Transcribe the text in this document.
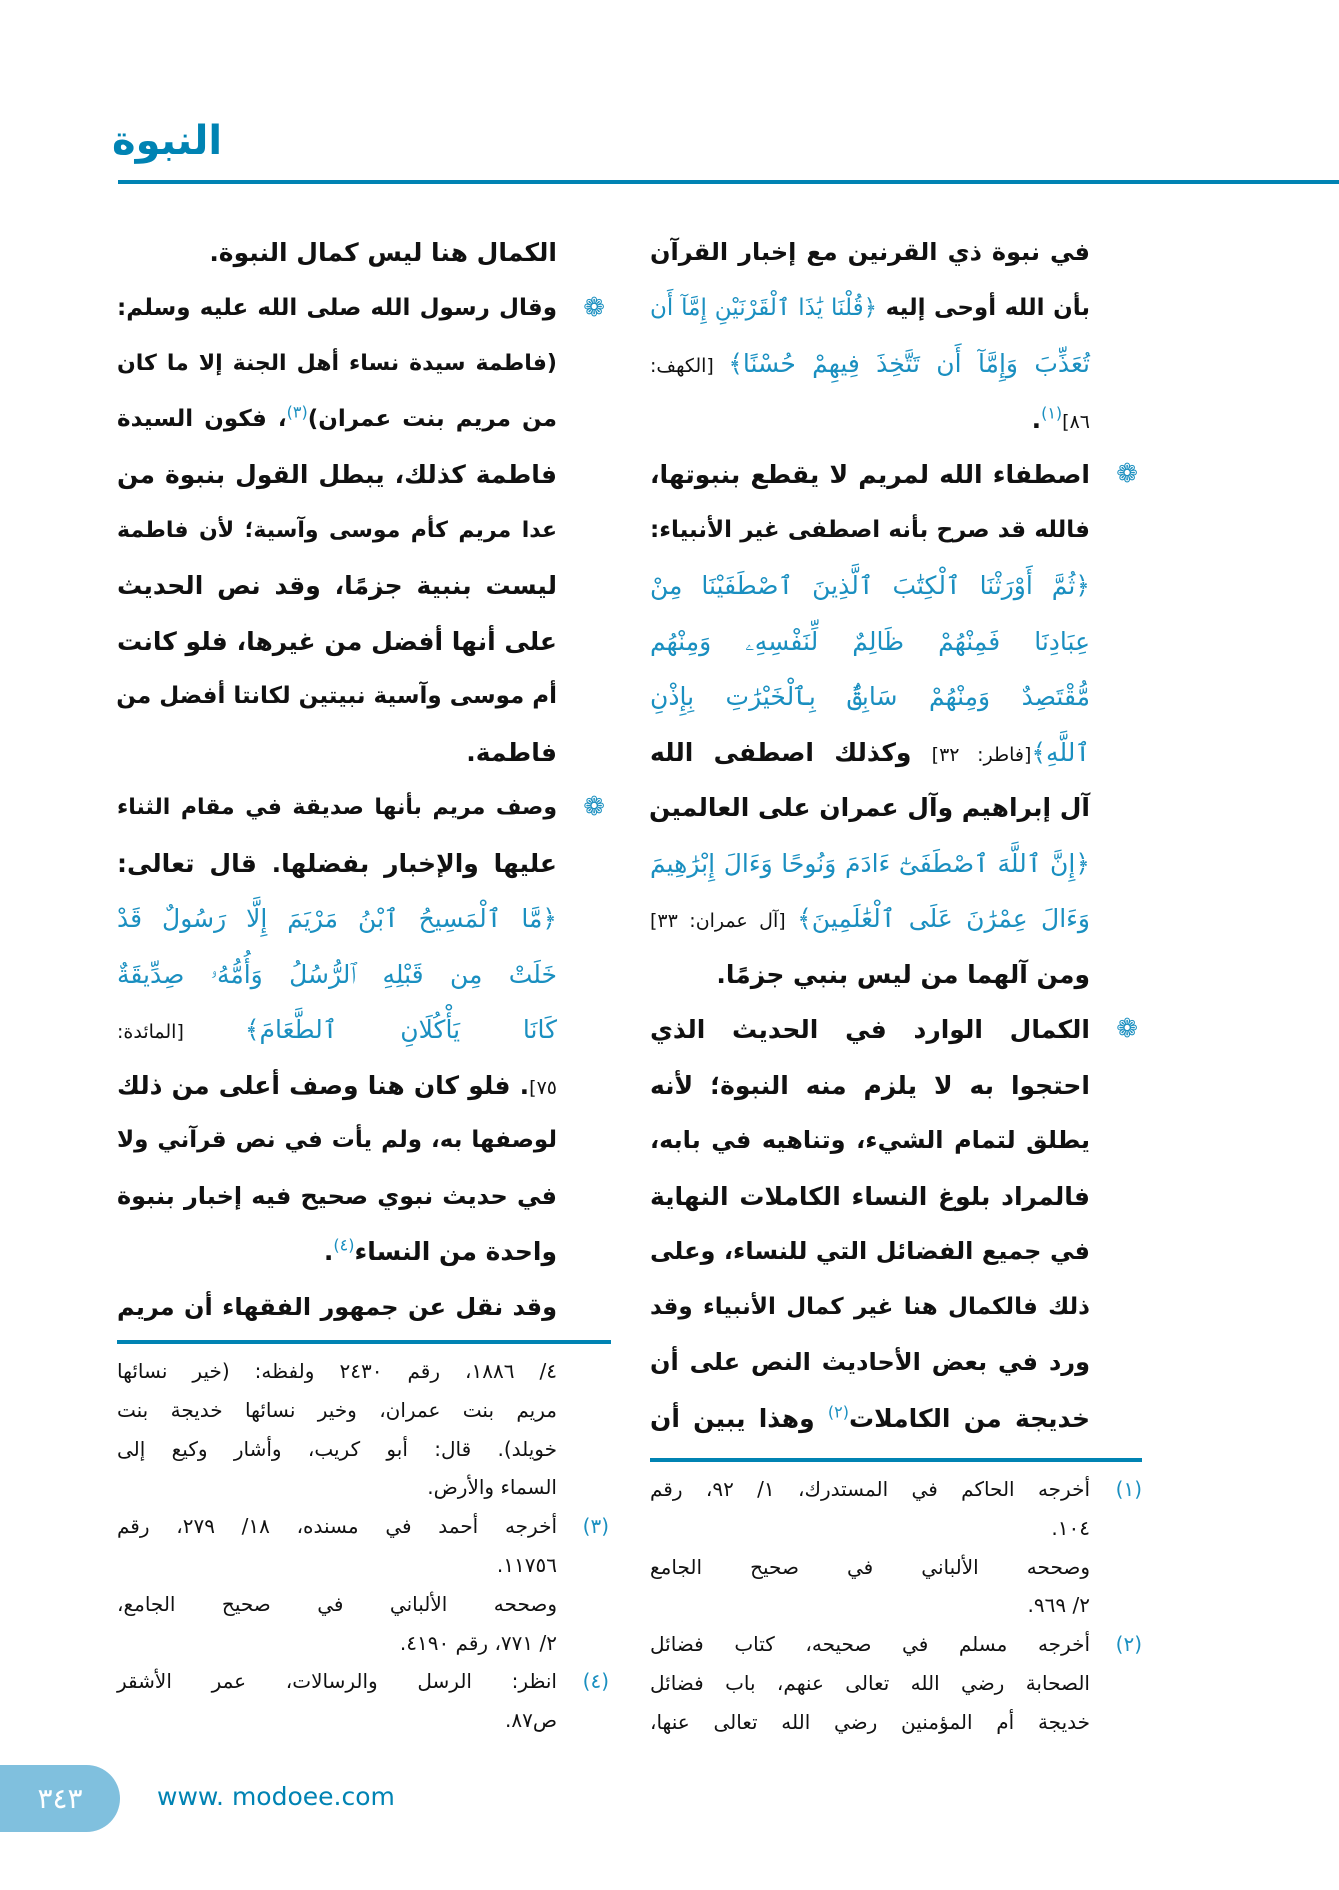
النبوة
في نبوة ذي القرنين مع إخبار القرآن
بأن الله أوحى إليه ﴿قُلْنَا يَٰذَا ٱلْقَرْنَيْنِ إِمَّآ أَن
تُعَذِّبَ وَإِمَّآ أَن تَتَّخِذَ فِيهِمْ حُسْنًا﴾ [الكهف:
٨٦]$^{(١)}$.
❁
اصطفاء الله لمريم لا يقطع بنبوتها،
فالله قد صرح بأنه اصطفى غير الأنبياء:
﴿ثُمَّ أَوْرَثْنَا ٱلْكِتَٰبَ ٱلَّذِينَ ٱصْطَفَيْنَا مِنْ
عِبَادِنَا فَمِنْهُمْ ظَالِمٌ لِّنَفْسِهِۦ وَمِنْهُم
مُّقْتَصِدٌ وَمِنْهُمْ سَابِقٌۢ بِٱلْخَيْرَٰتِ بِإِذْنِ
ٱللَّهِ﴾[فاطر: ٣٢] وكذلك اصطفى الله
آل إبراهيم وآل عمران على العالمين
﴿إِنَّ ٱللَّهَ ٱصْطَفَىٰٓ ءَادَمَ وَنُوحًا وَءَالَ إِبْرَٰهِيمَ
وَءَالَ عِمْرَٰنَ عَلَى ٱلْعَٰلَمِينَ﴾ [آل عمران: ٣٣]
ومن آلهما من ليس بنبي جزمًا.
❁
الكمال الوارد في الحديث الذي
احتجوا به لا يلزم منه النبوة؛ لأنه
يطلق لتمام الشيء، وتناهيه في بابه،
فالمراد بلوغ النساء الكاملات النهاية
في جميع الفضائل التي للنساء، وعلى
ذلك فالكمال هنا غير كمال الأنبياء وقد
ورد في بعض الأحاديث النص على أن
خديجة من الكاملات$^{(٢)}$ وهذا يبين أن
الكمال هنا ليس كمال النبوة.
❁
وقال رسول الله صلى الله عليه وسلم:
(فاطمة سيدة نساء أهل الجنة إلا ما كان
من مريم بنت عمران)$^{(٣)}$، فكون السيدة
فاطمة كذلك، يبطل القول بنبوة من
عدا مريم كأم موسى وآسية؛ لأن فاطمة
ليست بنبية جزمًا، وقد نص الحديث
على أنها أفضل من غيرها، فلو كانت
أم موسى وآسية نبيتين لكانتا أفضل من
فاطمة.
❁
وصف مريم بأنها صديقة في مقام الثناء
عليها والإخبار بفضلها. قال تعالى:
﴿مَّا ٱلْمَسِيحُ ٱبْنُ مَرْيَمَ إِلَّا رَسُولٌ قَدْ
خَلَتْ مِن قَبْلِهِ ٱلرُّسُلُ وَأُمُّهُۥ صِدِّيقَةٌ
كَانَا يَأْكُلَانِ ٱلطَّعَامَ﴾ [المائدة:
٧٥]. فلو كان هنا وصف أعلى من ذلك
لوصفها به، ولم يأت في نص قرآني ولا
في حديث نبوي صحيح فيه إخبار بنبوة
واحدة من النساء$^{(٤)}$.
وقد نقل عن جمهور الفقهاء أن مريم
٤/ ١٨٨٦، رقم ٢٤٣٠ ولفظه: (خير نسائها
مريم بنت عمران، وخير نسائها خديجة بنت
خويلد). قال: أبو كريب، وأشار وكيع إلى
السماء والأرض.
(٣)
أخرجه أحمد في مسنده، ١٨/ ٢٧٩، رقم
١١٧٥٦.
وصححه الألباني في صحيح الجامع،
٢/ ٧٧١، رقم ٤١٩٠.
(٤)
انظر: الرسل والرسالات، عمر الأشقر
ص٨٧.
(١)
أخرجه الحاكم في المستدرك، ١/ ٩٢، رقم
١٠٤.
وصححه الألباني في صحيح الجامع
٢/ ٩٦٩.
(٢)
أخرجه مسلم في صحيحه، كتاب فضائل
الصحابة رضي الله تعالى عنهم، باب فضائل
خديجة أم المؤمنين رضي الله تعالى عنها،
٣٤٣	www. modoee.com
